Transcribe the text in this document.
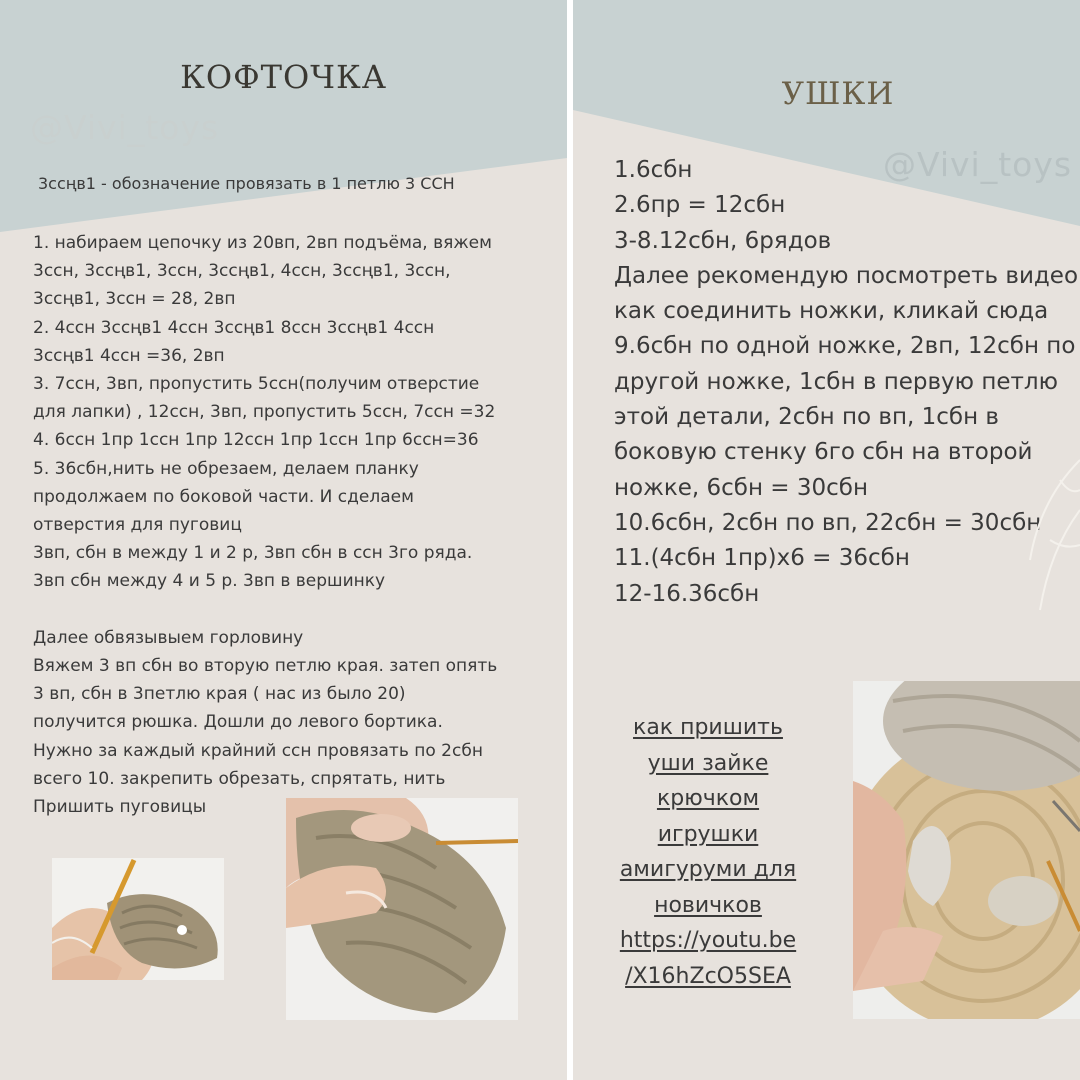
КОФТОЧКА
@Vivi_toys

3ссңв1 - обозначение провязать в 1 петлю 3 ССН

1. набираем цепочку из 20вп, 2вп подъёма, вяжем
3ссн, 3ссңв1, 3ссн, 3ссңв1, 4ссн, 3ссңв1, 3ссн,
3ссңв1, 3ссн = 28, 2вп
2. 4ссн 3ссңв1 4ссн 3ссңв1 8ссн 3ссңв1 4ссн
3ссңв1 4ссн =36, 2вп
3. 7ссн, 3вп, пропустить 5ссн(получим отверстие
для лапки) , 12ссн, 3вп, пропустить 5ссн, 7ссн =32
4. 6ссн 1пр 1ссн 1пр 12ссн 1пр 1ссн 1пр 6ссн=36
5. 36сбн,нить не обрезаем, делаем планку
продолжаем по боковой части. И сделаем
отверстия для пуговиц
3вп, сбн в между 1 и 2 р, 3вп сбн в ссн 3го ряда.
3вп сбн между 4 и 5 р. 3вп в вершинку

Далее обвязывыем горловину
Вяжем 3 вп сбн во вторую петлю края. затеп опять
3 вп, сбн в 3петлю края ( нас из было 20)
получится рюшка. Дошли до левого бортика.
Нужно за каждый крайний ссн провязать по 2сбн
всего 10. закрепить обрезать, спрятать, нить
Пришить пуговицы
УШКИ
@Vivi_toys
1.6сбн
2.6пр = 12сбн
3-8.12сбн, 6рядов
Далее рекомендую посмотреть видео
как соединить ножки, кликай сюда
9.6сбн по одной ножке, 2вп, 12сбн по
другой ножке, 1сбн в первую петлю
этой детали, 2сбн по вп, 1сбн в
боковую стенку 6го сбн на второй
ножке, 6сбн = 30сбн
10.6сбн, 2сбн по вп, 22сбн = 30сбн
11.(4сбн 1пр)х6 = 36сбн
12-16.36сбн
как пришить
уши зайке
крючком
игрушки
амигуруми для
новичков
https://youtu.be
/X16hZcO5SEA
